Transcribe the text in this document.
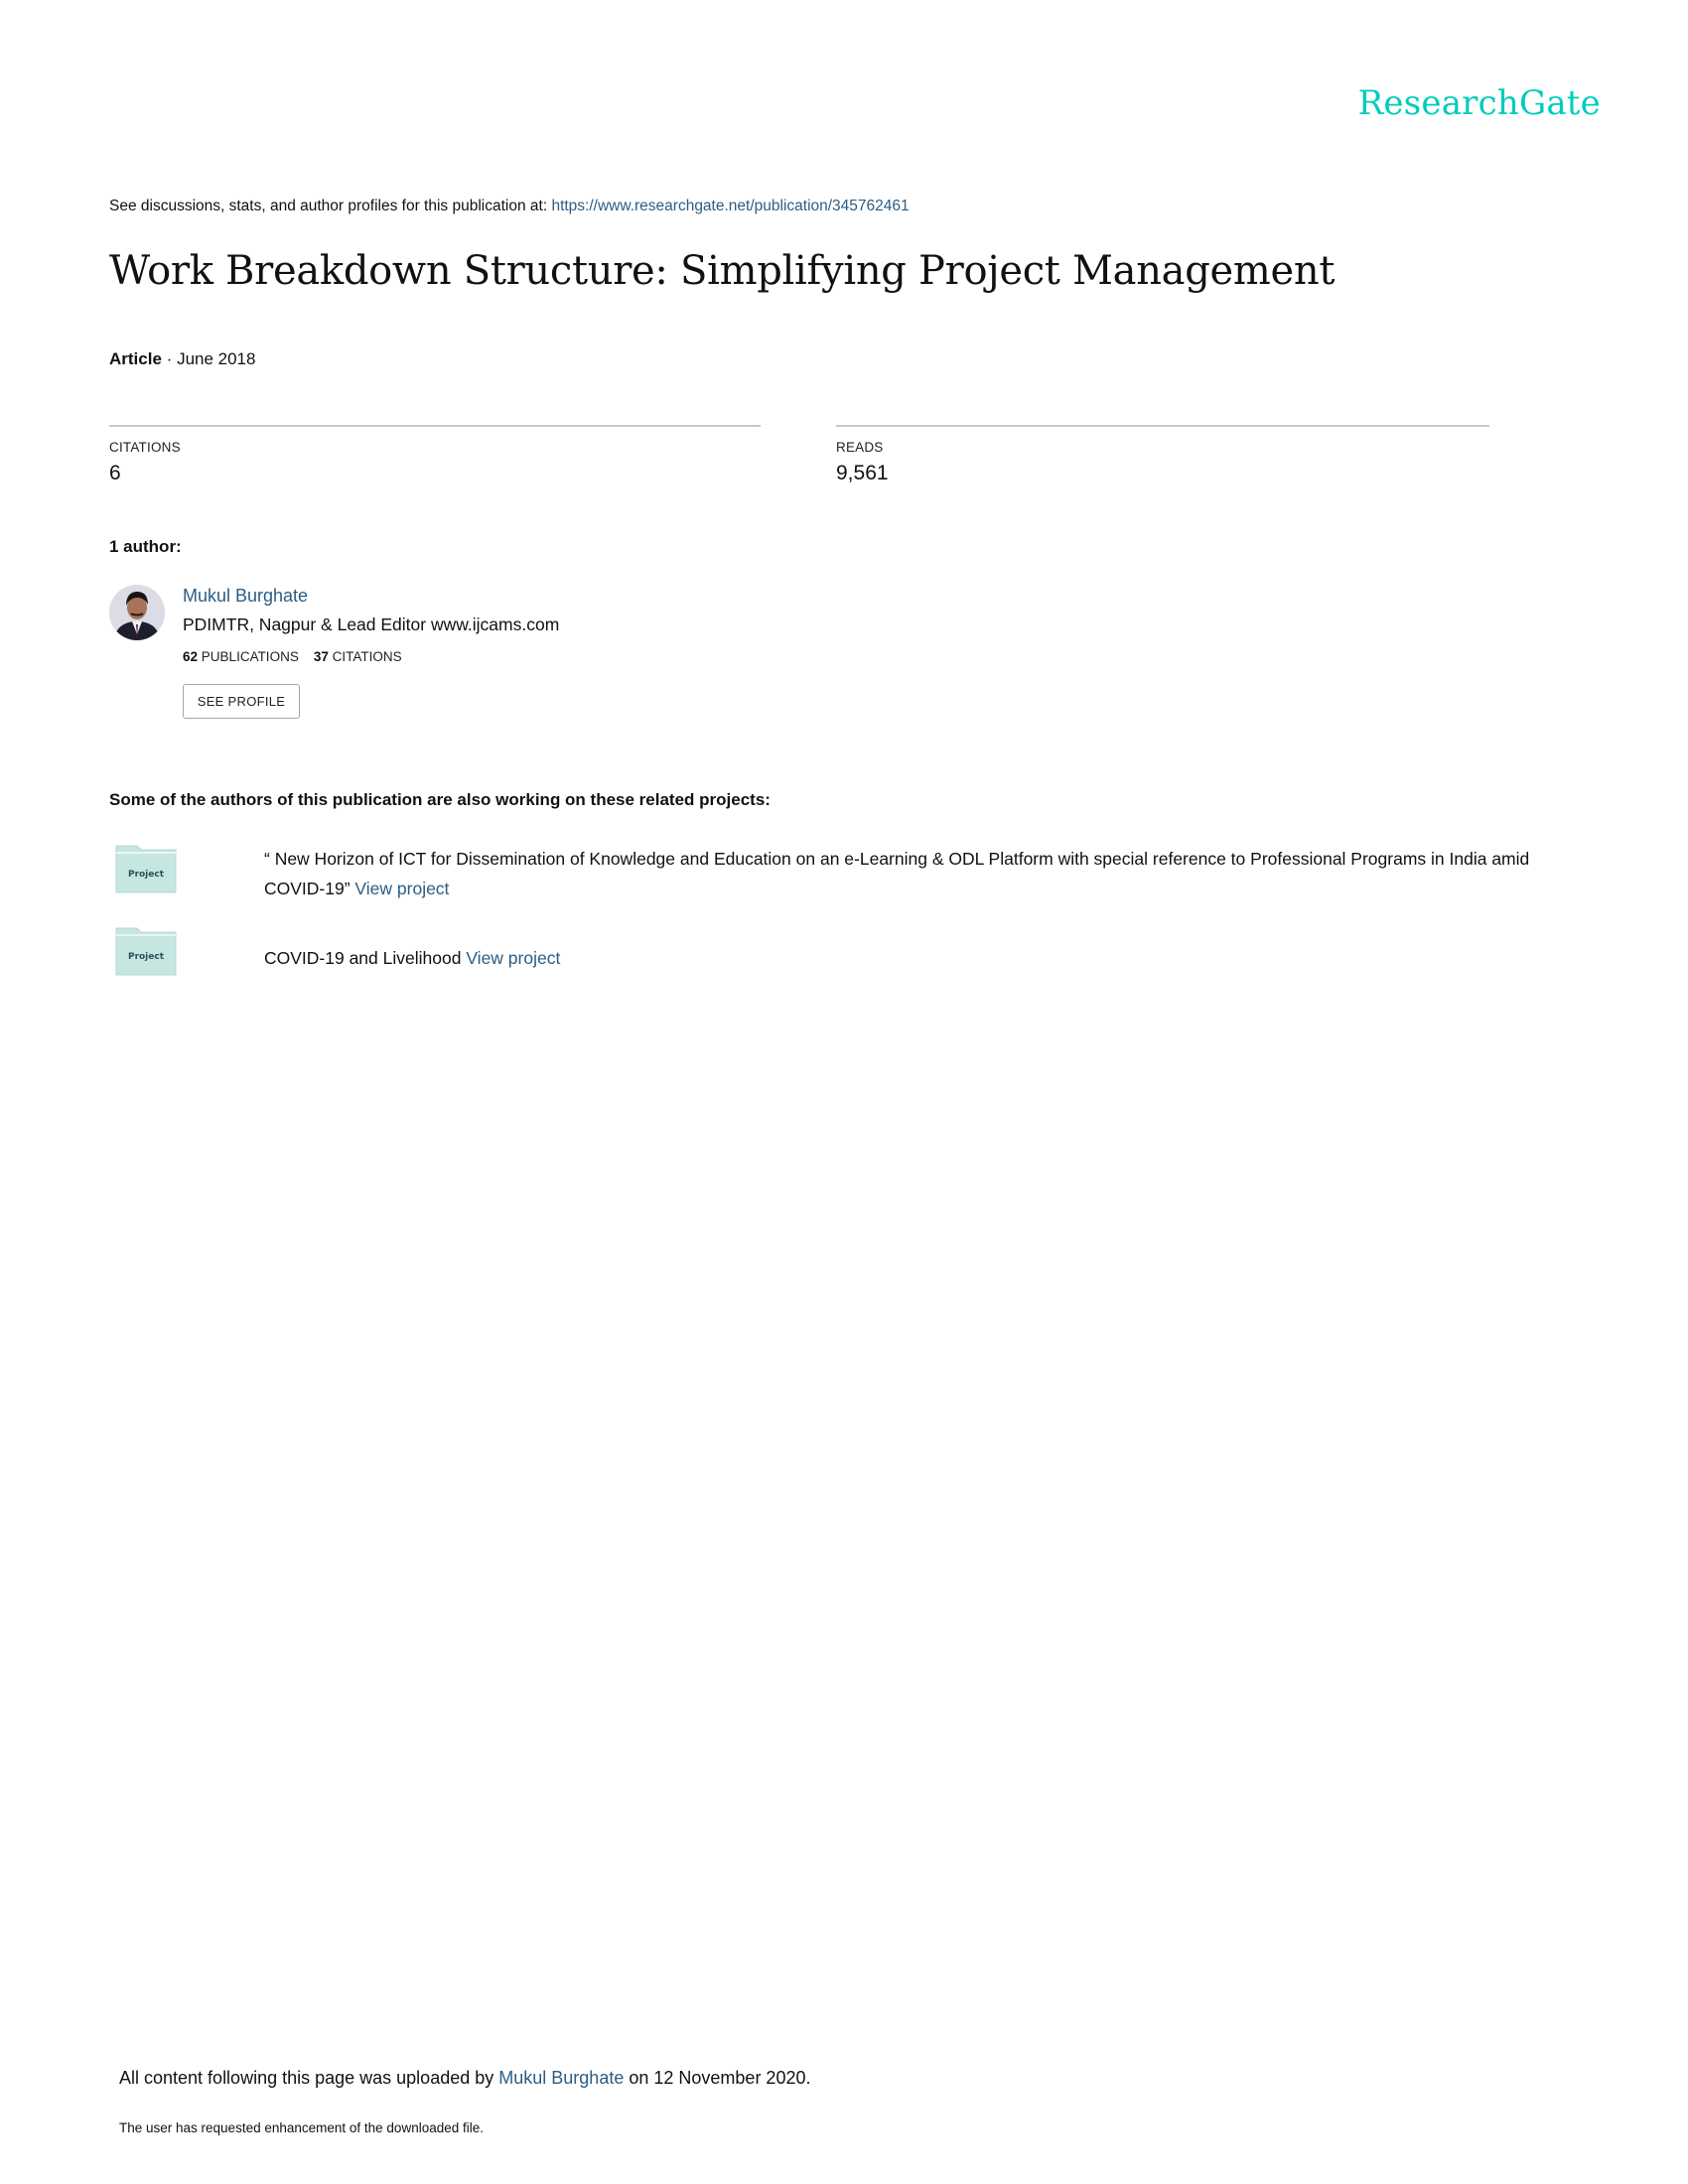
ResearchGate
See discussions, stats, and author profiles for this publication at: https://www.researchgate.net/publication/345762461
Work Breakdown Structure: Simplifying Project Management
Article · June 2018
CITATIONS
6
READS
9,561
1 author:
Mukul Burghate
PDIMTR, Nagpur & Lead Editor www.ijcams.com
62 PUBLICATIONS 37 CITATIONS
SEE PROFILE
Some of the authors of this publication are also working on these related projects:
Project
“ New Horizon of ICT for Dissemination of Knowledge and Education on an e-Learning & ODL Platform with special reference to Professional Programs in India amid COVID-19” View project
Project	COVID-19 and Livelihood View project
All content following this page was uploaded by Mukul Burghate on 12 November 2020.
The user has requested enhancement of the downloaded file.
